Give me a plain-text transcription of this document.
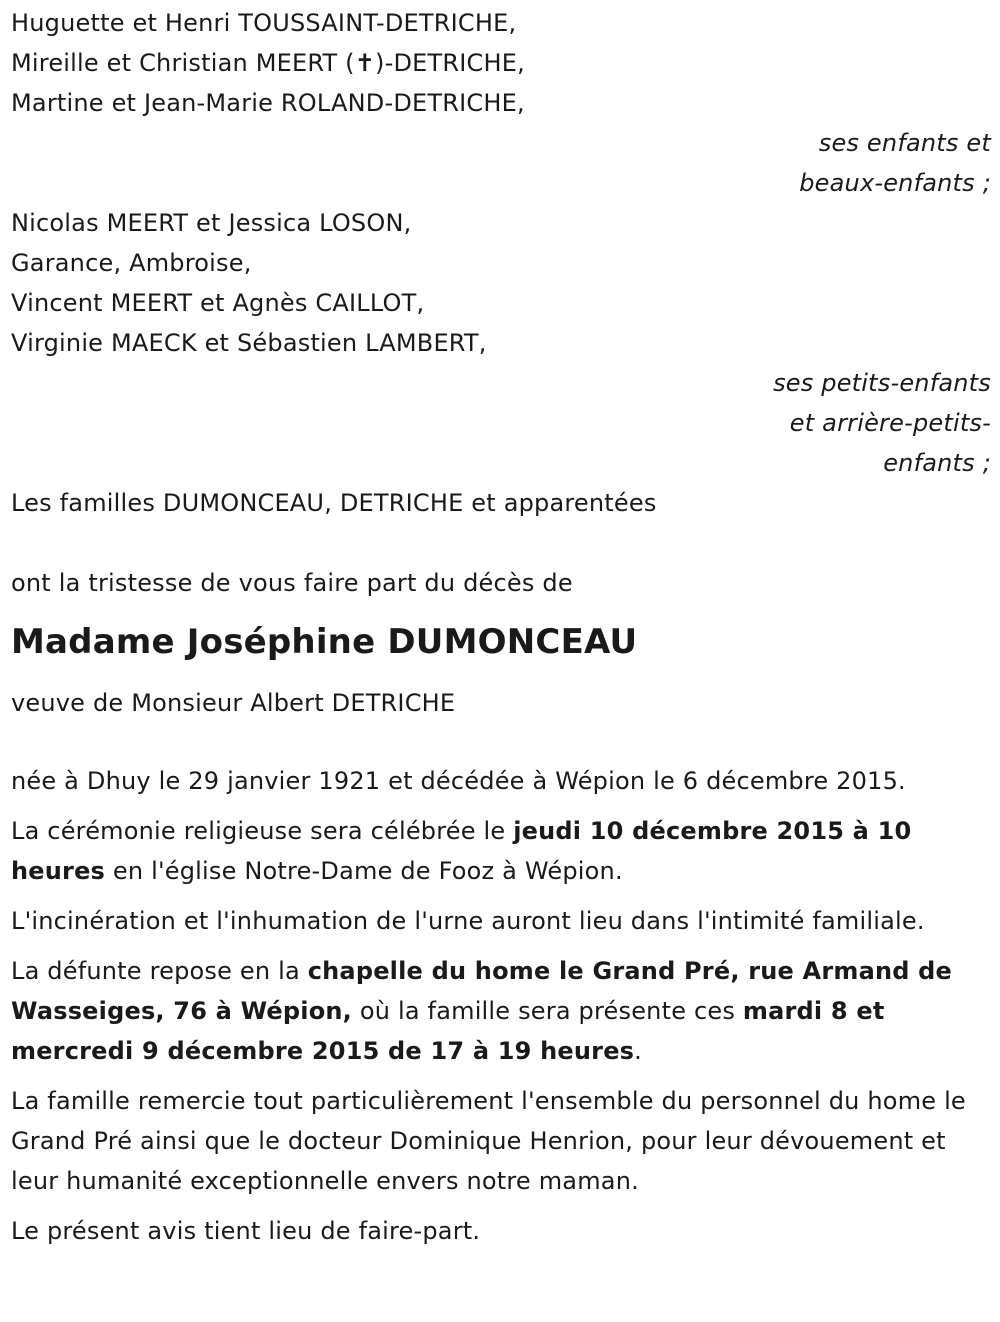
Huguette et Henri TOUSSAINT-DETRICHE,
Mireille et Christian MEERT (✝)-DETRICHE,
Martine et Jean-Marie ROLAND-DETRICHE,
ses enfants et
beaux-enfants ;
Nicolas MEERT et Jessica LOSON,
Garance, Ambroise,
Vincent MEERT et Agnès CAILLOT,
Virginie MAECK et Sébastien LAMBERT,
ses petits-enfants
et arrière-petits-
enfants ;
Les familles DUMONCEAU, DETRICHE et apparentées
ont la tristesse de vous faire part du décès de
Madame Joséphine DUMONCEAU
veuve de Monsieur Albert DETRICHE
née à Dhuy le 29 janvier 1921 et décédée à Wépion le 6 décembre 2015.
La cérémonie religieuse sera célébrée le jeudi 10 décembre 2015 à 10 heures en l'église Notre-Dame de Fooz à Wépion.
L'incinération et l'inhumation de l'urne auront lieu dans l'intimité familiale.
La défunte repose en la chapelle du home le Grand Pré, rue Armand de Wasseiges, 76 à Wépion, où la famille sera présente ces mardi 8 et mercredi 9 décembre 2015 de 17 à 19 heures.
La famille remercie tout particulièrement l'ensemble du personnel du home le Grand Pré ainsi que le docteur Dominique Henrion, pour leur dévouement et leur humanité exceptionnelle envers notre maman.
Le présent avis tient lieu de faire-part.
